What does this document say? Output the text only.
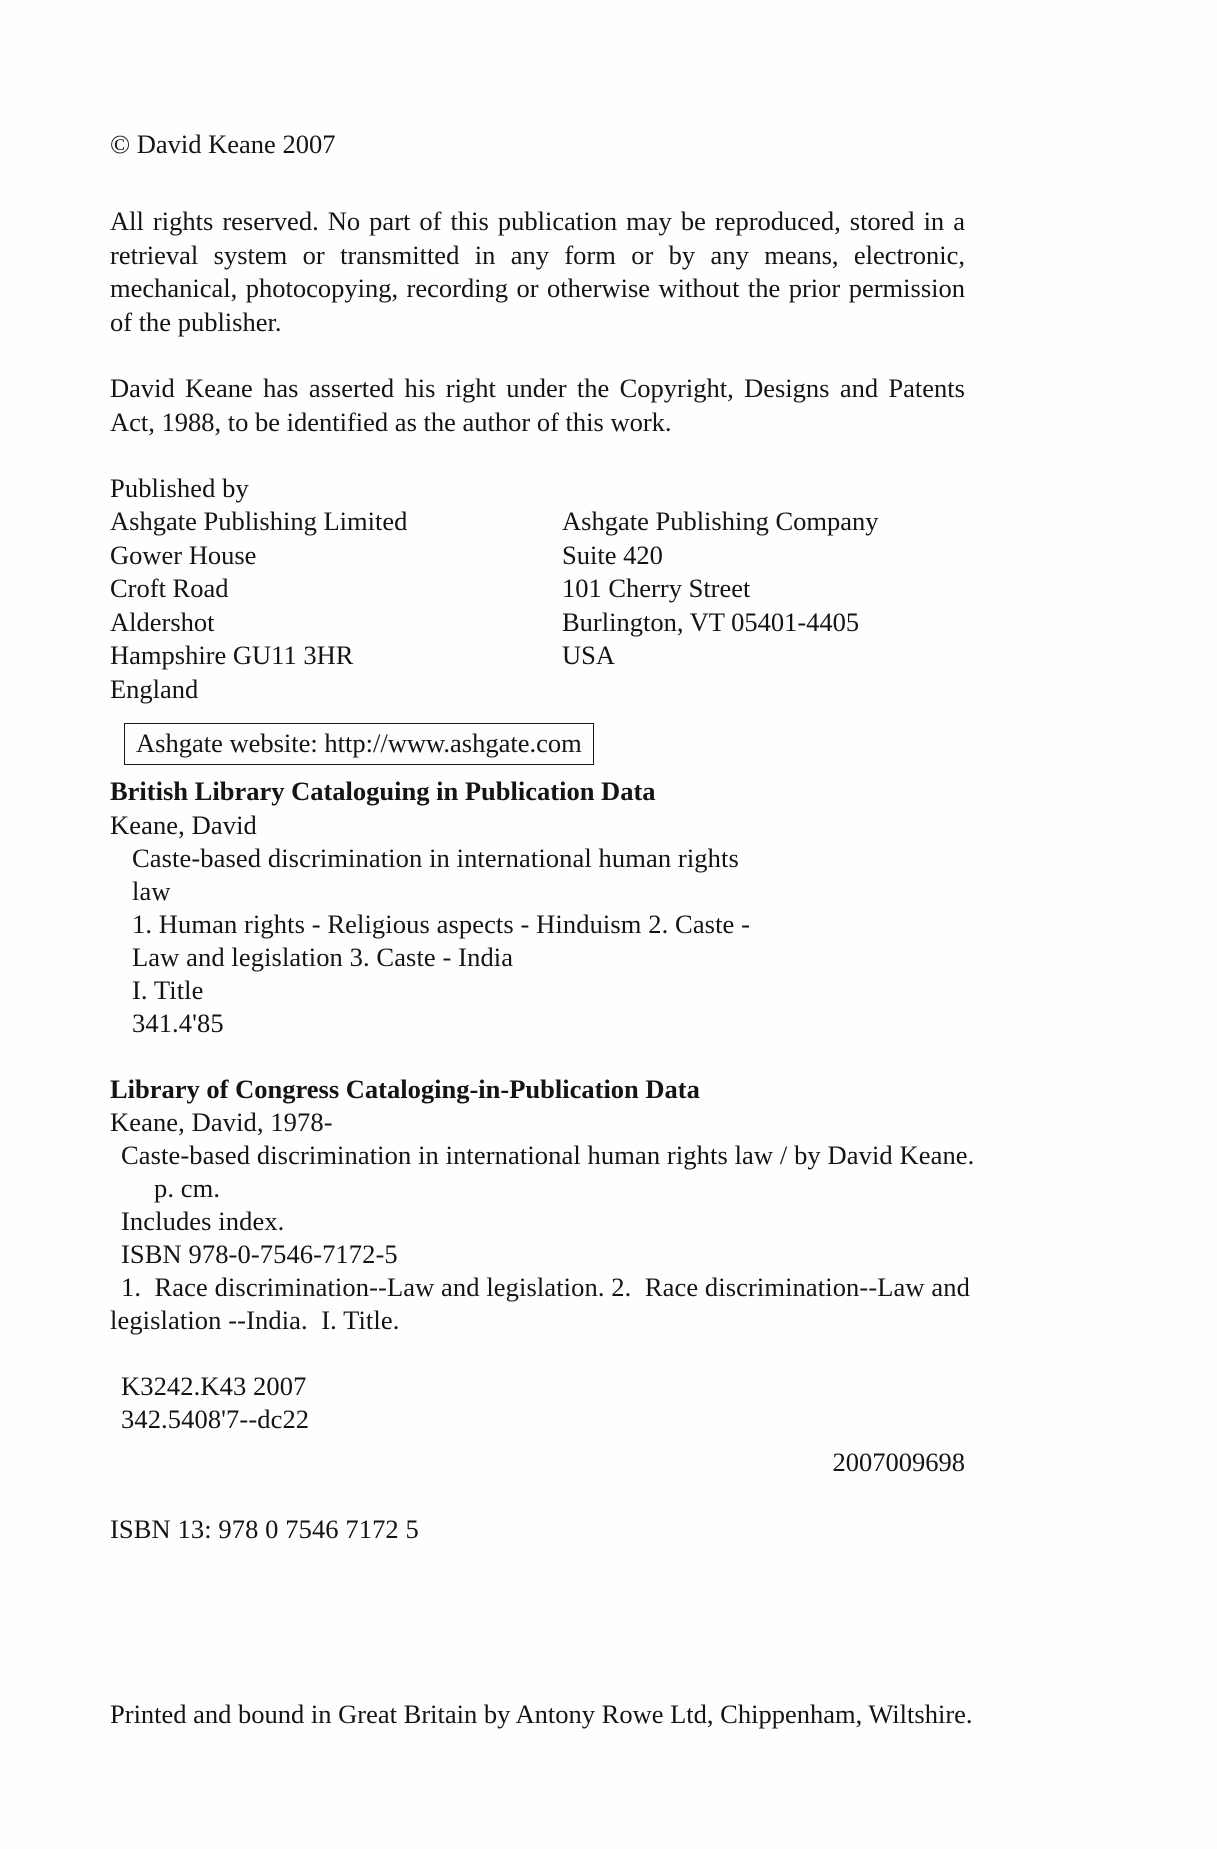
© David Keane 2007

All rights reserved. No part of this publication may be reproduced, stored in a retrieval system or transmitted in any form or by any means, electronic, mechanical, photocopying, recording or otherwise without the prior permission of the publisher.

David Keane has asserted his right under the Copyright, Designs and Patents Act, 1988, to be identified as the author of this work.

Published by
Ashgate Publishing Limited	Ashgate Publishing Company
Gower House	Suite 420
Croft Road	101 Cherry Street
Aldershot	Burlington, VT 05401-4405
Hampshire GU11 3HR	USA
England
Ashgate website: http://www.ashgate.com
British Library Cataloguing in Publication Data
Keane, David
Caste-based discrimination in international human rights
law
1. Human rights - Religious aspects - Hinduism 2. Caste -
Law and legislation 3. Caste - India
I. Title
341.4'85
Library of Congress Cataloging-in-Publication Data
Keane, David, 1978-
Caste-based discrimination in international human rights law / by David Keane.
p. cm.
Includes index.
ISBN 978-0-7546-7172-5
1.  Race discrimination--Law and legislation. 2.  Race discrimination--Law and
legislation --India.  I. Title.
K3242.K43 2007
342.5408'7--dc22
2007009698
ISBN 13: 978 0 7546 7172 5
Printed and bound in Great Britain by Antony Rowe Ltd, Chippenham, Wiltshire.
